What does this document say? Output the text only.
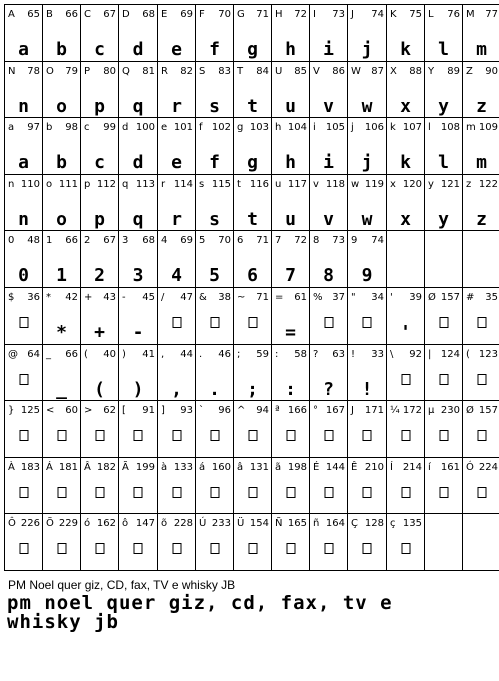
A 65
a
B 66
b
C 67
c
D 68
d
E 69
e
F 70
f
G 71
g
H 72
h
I 73
i
J 74
j
K 75
k
L 76
l
M 77
m
N 78
n
O 79
o
P 80
p
Q 81
q
R 82
r
S 83
s
T 84
t
U 85
u
V 86
v
W 87
w
X 88
x
Y 89
y
Z 90
z
a 97
a
b 98
b
c 99
c
d 100
d
e 101
e
f 102
f
g 103
g
h 104
h
i 105
i
j 106
j
k 107
k
l 108
l
m 109
m
n 110
n
o 111
o
p 112
p
q 113
q
r 114
r
s 115
s
t 116
t
u 117
u
v 118
v
w 119
w
x 120
x
y 121
y
z 122
z
0 48
0
1 66
1
2 67
2
3 68
3
4 69
4
5 70
5
6 71
6
7 72
7
8 73
8
9 74
9
$ 36 * 42
*
+ 43
+
- 45
-
/ 47 & 38 ~ 71 = 61
=
% 37 " 34 ' 39
'
Ø 157 # 35
@ 64 _ 66
_
( 40
(
) 41
)
, 44
,
. 46
.
; 59
;
: 58
:
? 63
?
! 33
!
\ 92 | 124 ( 123
} 125 < 60 > 62 [ 91 ] 93 ` 96 ^ 94 ª 166 ° 167 J 171 ¼ 172 µ 230 Ø 157
À 183 Á 181 Â 182 Ã 199 à 133 á 160 â 131 ã 198 É 144 Ê 210 Í 214 í 161 Ó 224
Ô 226 Õ 229 ó 162 ô 147 õ 228 Ú 233 Ü 154 Ñ 165 ñ 164 Ç 128 ç 135
PM Noel quer giz, CD, fax, TV e whisky JB
pm noel quer giz, cd, fax, tv e whisky jb
